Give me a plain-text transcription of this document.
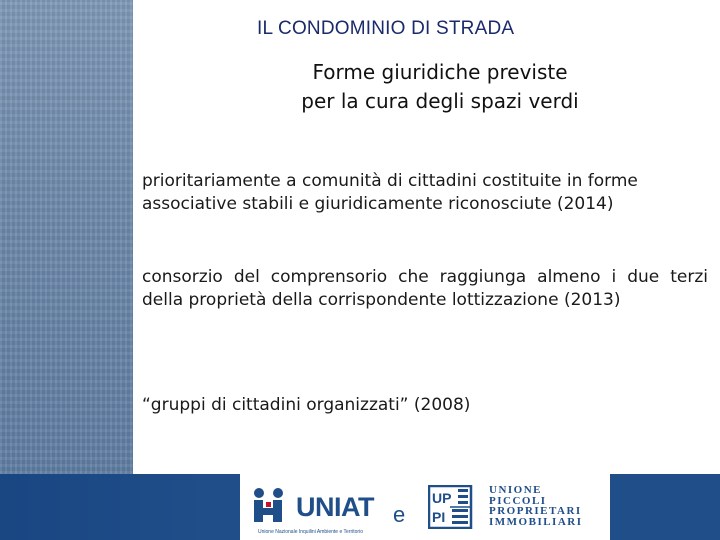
IL CONDOMINIO DI STRADA
Forme giuridiche previste
per la cura degli spazi verdi
prioritariamente a comunità di cittadini costituite in forme associative stabili e giuridicamente riconosciute (2014)
consorzio del comprensorio che raggiunga almeno i due terzi della proprietà della corrispondente lottizzazione (2013)
“gruppi di cittadini organizzati” (2008)
UNIAT
Unione Nazionale Inquilini Ambiente e Territorio
e
UP
PI
UNIONE
PICCOLI
PROPRIETARI
IMMOBILIARI
